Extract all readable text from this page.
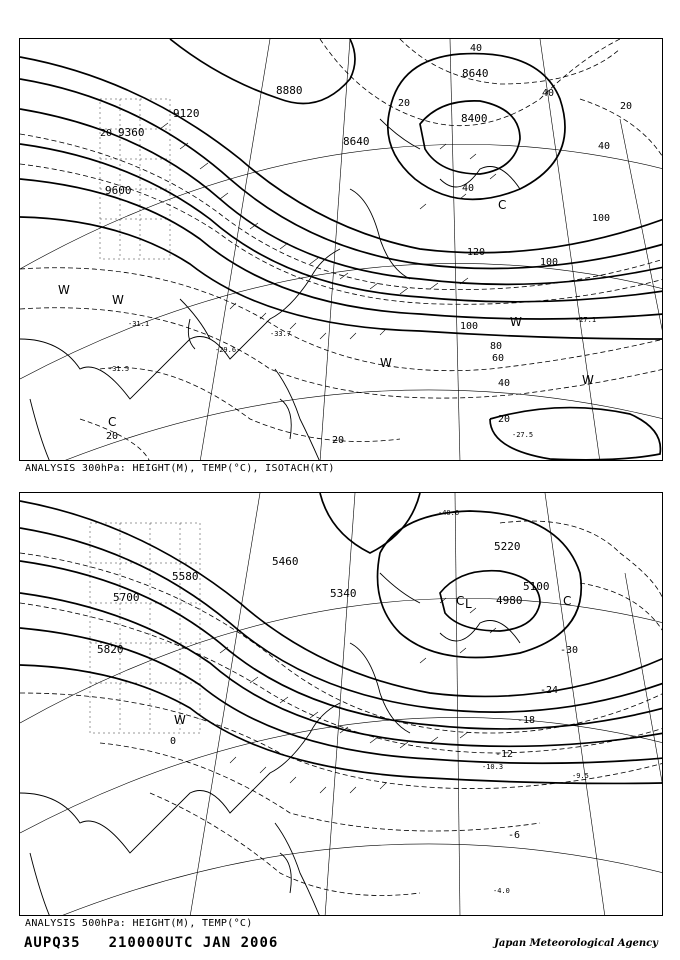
8640
8880
9120
9360
9600
8640
8400
40
20
40
20
40
20
100
120
100
100
80
60
40
20
20
20
40
C
W
W
W
W
C
W
-27.5
-33.7
-31.1
-29.6
-27.1
-31.5
ANALYSIS 300hPa: HEIGHT(M), TEMP(°C), ISOTACH(KT)
5460
5580
5700
5820
5340
5220
5100
4980
-30
-24
-18
-12
-6
0
-40.6
-10.3
-9.5
-4.0
C L	C
W
ANALYSIS 500hPa: HEIGHT(M), TEMP(°C)
AUPQ35 210000UTC JAN 2006	Japan Meteorological Agency
